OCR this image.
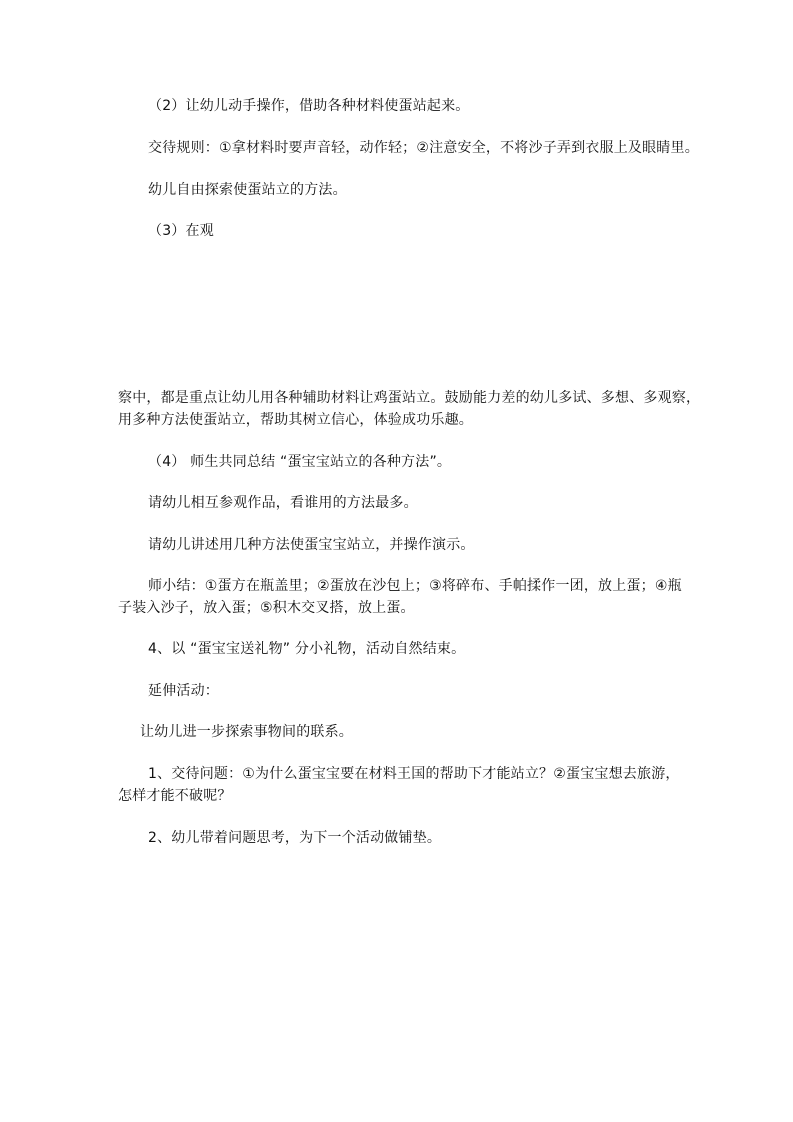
（2）让幼儿动手操作，借助各种材料使蛋站起来。

交待规则：①拿材料时要声音轻，动作轻；②注意安全，不将沙子弄到衣服上及眼睛里。

幼儿自由探索使蛋站立的方法。

（3）在观

察中，都是重点让幼儿用各种辅助材料让鸡蛋站立。鼓励能力差的幼儿多试、多想、多观察，

用多种方法使蛋站立，帮助其树立信心，体验成功乐趣。

（4） 师生共同总结 “蛋宝宝站立的各种方法”。

请幼儿相互参观作品，看谁用的方法最多。

请幼儿讲述用几种方法使蛋宝宝站立，并操作演示。

师小结：①蛋方在瓶盖里；②蛋放在沙包上；③将碎布、手帕揉作一团，放上蛋；④瓶

子装入沙子，放入蛋；⑤积木交叉搭，放上蛋。

4、以 “蛋宝宝送礼物” 分小礼物，活动自然结束。

延伸活动：

让幼儿进一步探索事物间的联系。

1、交待问题：①为什么蛋宝宝要在材料王国的帮助下才能站立？②蛋宝宝想去旅游，

怎样才能不破呢？

2、幼儿带着问题思考，为下一个活动做铺垫。
